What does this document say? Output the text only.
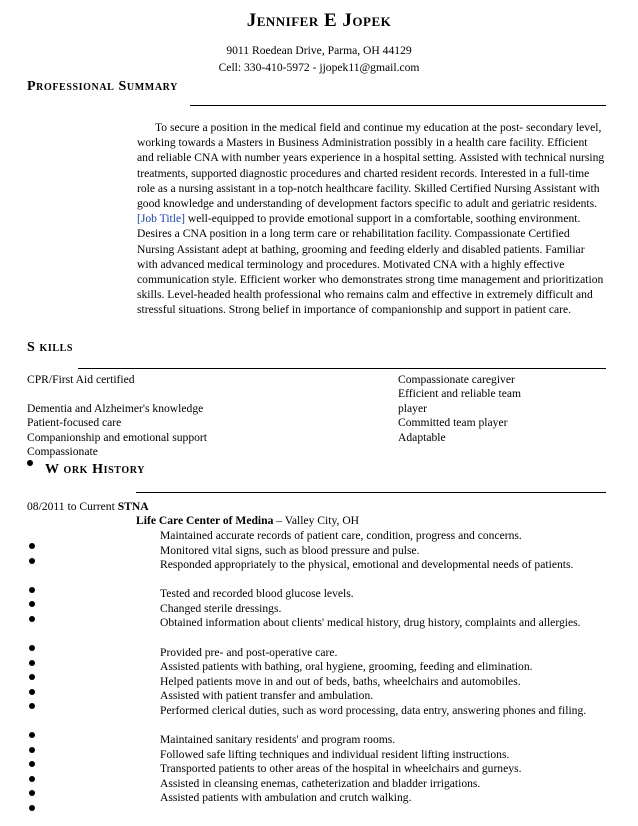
Jennifer E Jopek
9011 Roedean Drive, Parma, OH 44129
Cell: 330-410-5972 - jjopek11@gmail.com
Professional Summary
To secure a position in the medical field and continue my education at the post- secondary level, working towards a Masters in Business Administration possibly in a health care facility. Efficient and reliable CNA with number years experience in a hospital setting. Assisted with technical nursing treatments, supported diagnostic procedures and charted resident records. Interested in a full-time role as a nursing assistant in a top-notch healthcare facility. Skilled Certified Nursing Assistant with good knowledge and understanding of development factors specific to adult and geriatric residents. [Job Title] well-equipped to provide emotional support in a comfortable, soothing environment. Desires a CNA position in a long term care or rehabilitation facility. Compassionate Certified Nursing Assistant adept at bathing, grooming and feeding elderly and disabled patients. Familiar with advanced medical terminology and procedures. Motivated CNA with a highly effective communication style. Efficient worker who demonstrates strong time management and prioritization skills. Level-headed health professional who remains calm and effective in extremely difficult and stressful situations. Strong belief in importance of companionship and support in patient care.
S kills
CPR/First Aid certified
Dementia and Alzheimer's knowledge
Patient-focused care
Companionship and emotional support
Compassionate
Compassionate caregiver
Efficient and reliable team
player
Committed team player
Adaptable
W ork History
08/2011 to Current STNA
Life Care Center of Medina – Valley City, OH
Maintained accurate records of patient care, condition, progress and concerns.
Monitored vital signs, such as blood pressure and pulse.
Responded appropriately to the physical, emotional and developmental needs of patients.
Tested and recorded blood glucose levels.
Changed sterile dressings.
Obtained information about clients' medical history, drug history, complaints and allergies.
Provided pre- and post-operative care.
Assisted patients with bathing, oral hygiene, grooming, feeding and elimination.
Helped patients move in and out of beds, baths, wheelchairs and automobiles.
Assisted with patient transfer and ambulation.
Performed clerical duties, such as word processing, data entry, answering phones and filing.
Maintained sanitary residents' and program rooms.
Followed safe lifting techniques and individual resident lifting instructions.
Transported patients to other areas of the hospital in wheelchairs and gurneys.
Assisted in cleansing enemas, catheterization and bladder irrigations.
Assisted patients with ambulation and crutch walking.
